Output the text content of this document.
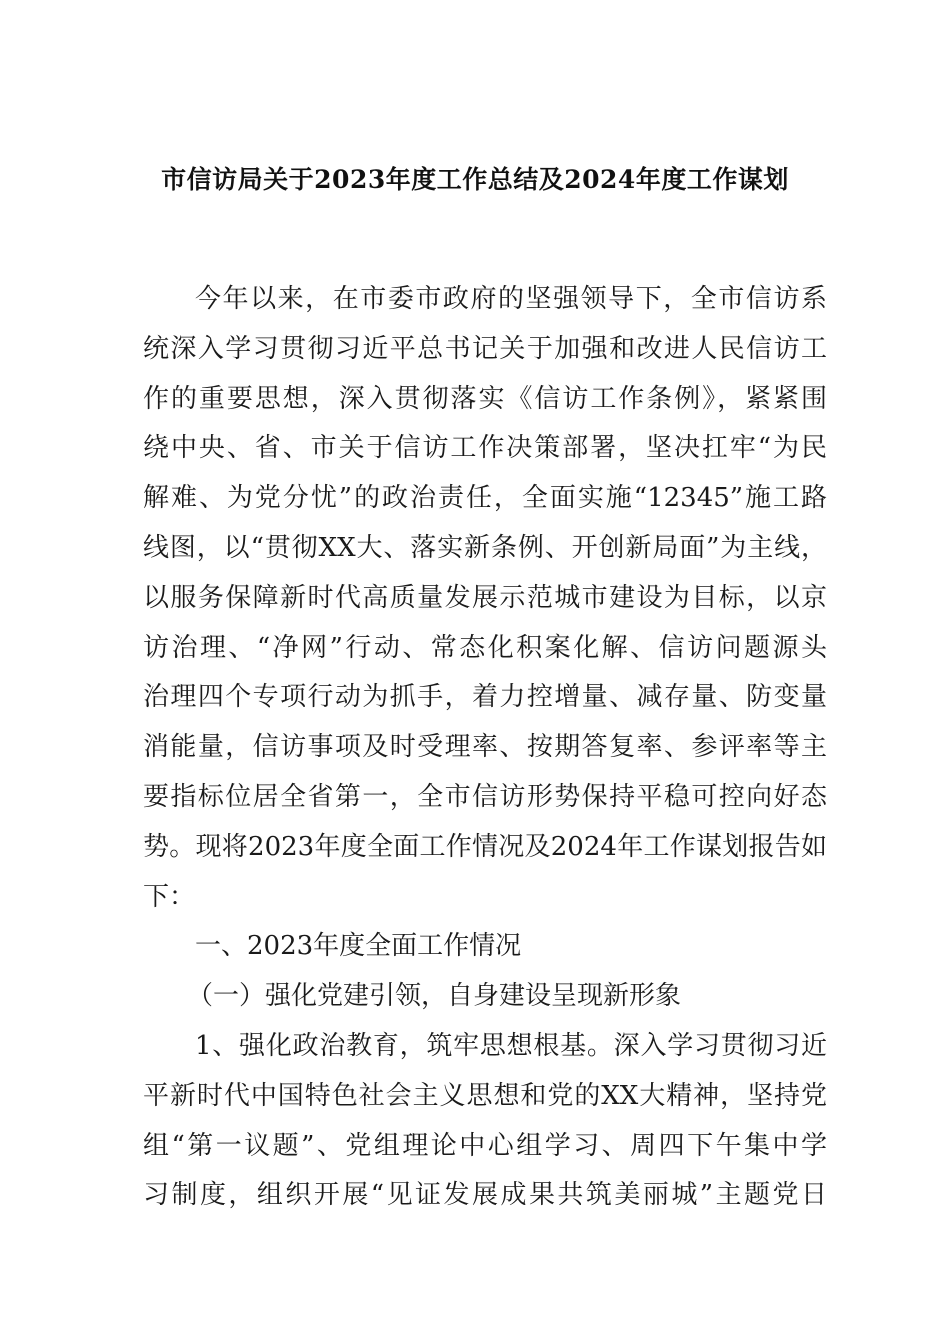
市信访局关于2023年度工作总结及2024年度工作谋划

今年以来，在市委市政府的坚强领导下，全市信访系

统深入学习贯彻习近平总书记关于加强和改进人民信访工

作的重要思想，深入贯彻落实《信访工作条例》，紧紧围

绕中央、省、市关于信访工作决策部署，坚决扛牢“为民

解难、为党分忧”的政治责任，全面实施“12345”施工路

线图，以“贯彻XX大、落实新条例、开创新局面”为主线，

以服务保障新时代高质量发展示范城市建设为目标，以京

访治理、“净网”行动、常态化积案化解、信访问题源头

治理四个专项行动为抓手，着力控增量、减存量、防变量

消能量，信访事项及时受理率、按期答复率、参评率等主

要指标位居全省第一，全市信访形势保持平稳可控向好态

势。现将2023年度全面工作情况及2024年工作谋划报告如

下：

一、2023年度全面工作情况

（一）强化党建引领，自身建设呈现新形象

1、强化政治教育，筑牢思想根基。深入学习贯彻习近

平新时代中国特色社会主义思想和党的XX大精神，坚持党

组“第一议题”、党组理论中心组学习、周四下午集中学

习制度，组织开展“见证发展成果共筑美丽城”主题党日
